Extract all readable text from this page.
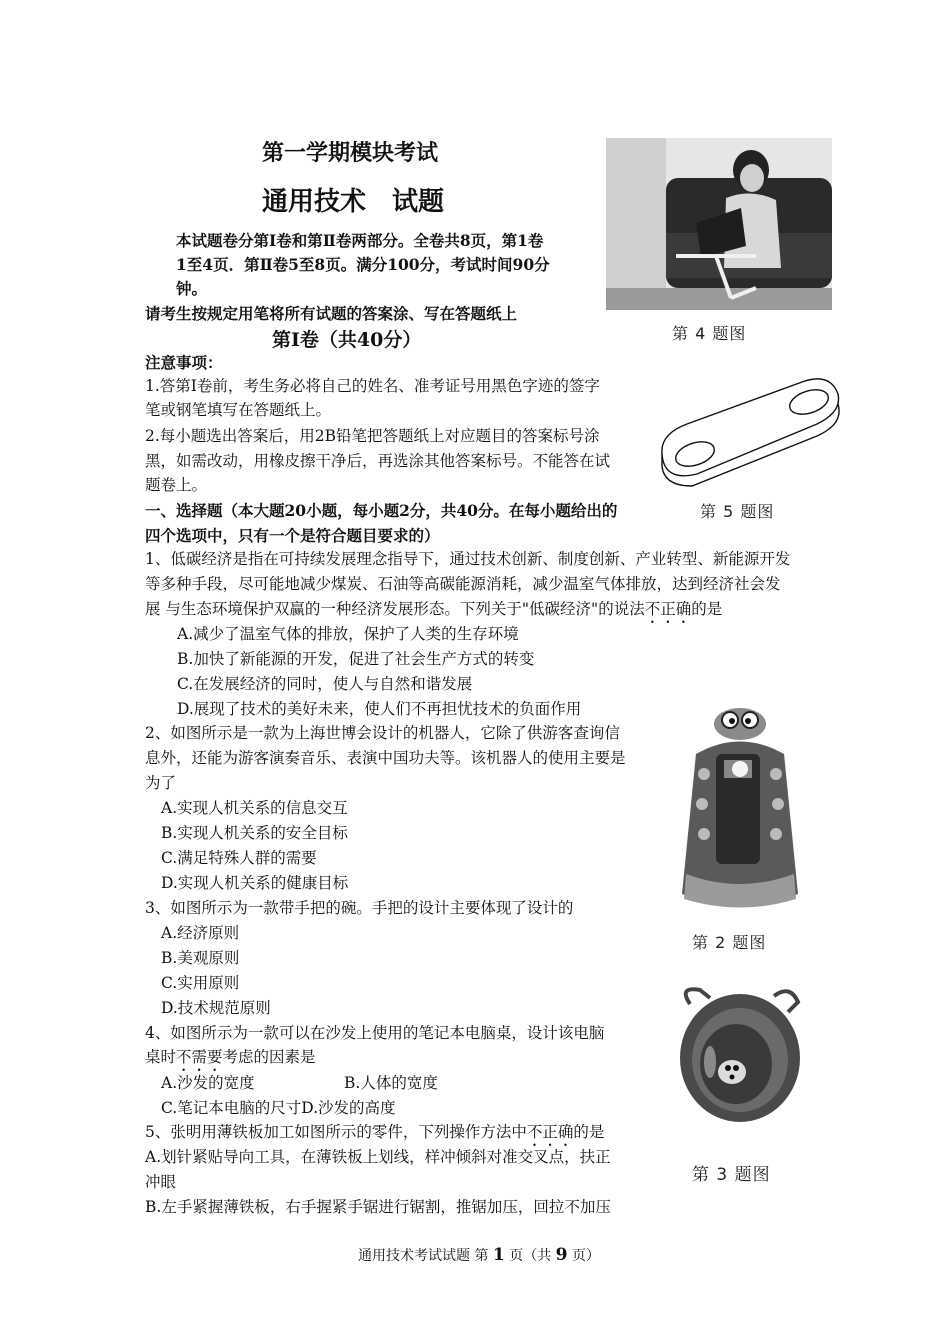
第一学期模块考试
通用技术　试题
本试题卷分第Ⅰ卷和第Ⅱ卷两部分。全卷共8页，第1卷
1至4页．第Ⅱ卷5至8页。满分100分，考试时间90分
钟。
请考生按规定用笔将所有试题的答案涂、写在答题纸上
第Ⅰ卷（共40分）
注意事项：
1.答第Ⅰ卷前，考生务必将自己的姓名、准考证号用黑色字迹的签字
笔或钢笔填写在答题纸上。
2.每小题选出答案后，用2B铅笔把答题纸上对应题目的答案标号涂
黑，如需改动，用橡皮擦干净后，再选涂其他答案标号。不能答在试
题卷上。
一、选择题（本大题20小题，每小题2分，共40分。在每小题给出的
四个选项中，只有一个是符合题目要求的）
1、低碳经济是指在可持续发展理念指导下，通过技术创新、制度创新、产业转型、新能源开发
等多种手段，尽可能地减少煤炭、石油等高碳能源消耗，减少温室气体排放，达到经济社会发
展 与生态环境保护双赢的一种经济发展形态。下列关于"低碳经济"的说法不正确的是
A.减少了温室气体的排放，保护了人类的生存环境
B.加快了新能源的开发，促进了社会生产方式的转变
C.在发展经济的同时，使人与自然和谐发展
D.展现了技术的美好未来，使人们不再担忧技术的负面作用
2、如图所示是一款为上海世博会设计的机器人，它除了供游客查询信
息外，还能为游客演奏音乐、表演中国功夫等。该机器人的使用主要是
为了
A.实现人机关系的信息交互
B.实现人机关系的安全目标
C.满足特殊人群的需要
D.实现人机关系的健康目标
3、如图所示为一款带手把的碗。手把的设计主要体现了设计的
A.经济原则
B.美观原则
C.实用原则
D.技术规范原则
4、如图所示为一款可以在沙发上使用的笔记本电脑桌，设计该电脑
桌时不需要考虑的因素是
A.沙发的宽度	B.人体的宽度
C.笔记本电脑的尺寸D.沙发的高度
5、张明用薄铁板加工如图所示的零件，下列操作方法中不正确的是
A.划针紧贴导向工具，在薄铁板上划线，样冲倾斜对准交叉点，扶正
冲眼
B.左手紧握薄铁板，右手握紧手锯进行锯割，推锯加压，回拉不加压
第 4 题图
第 5 题图
第 2 题图
第 3 题图
通用技术考试试题 第 1 页（共 9 页）
